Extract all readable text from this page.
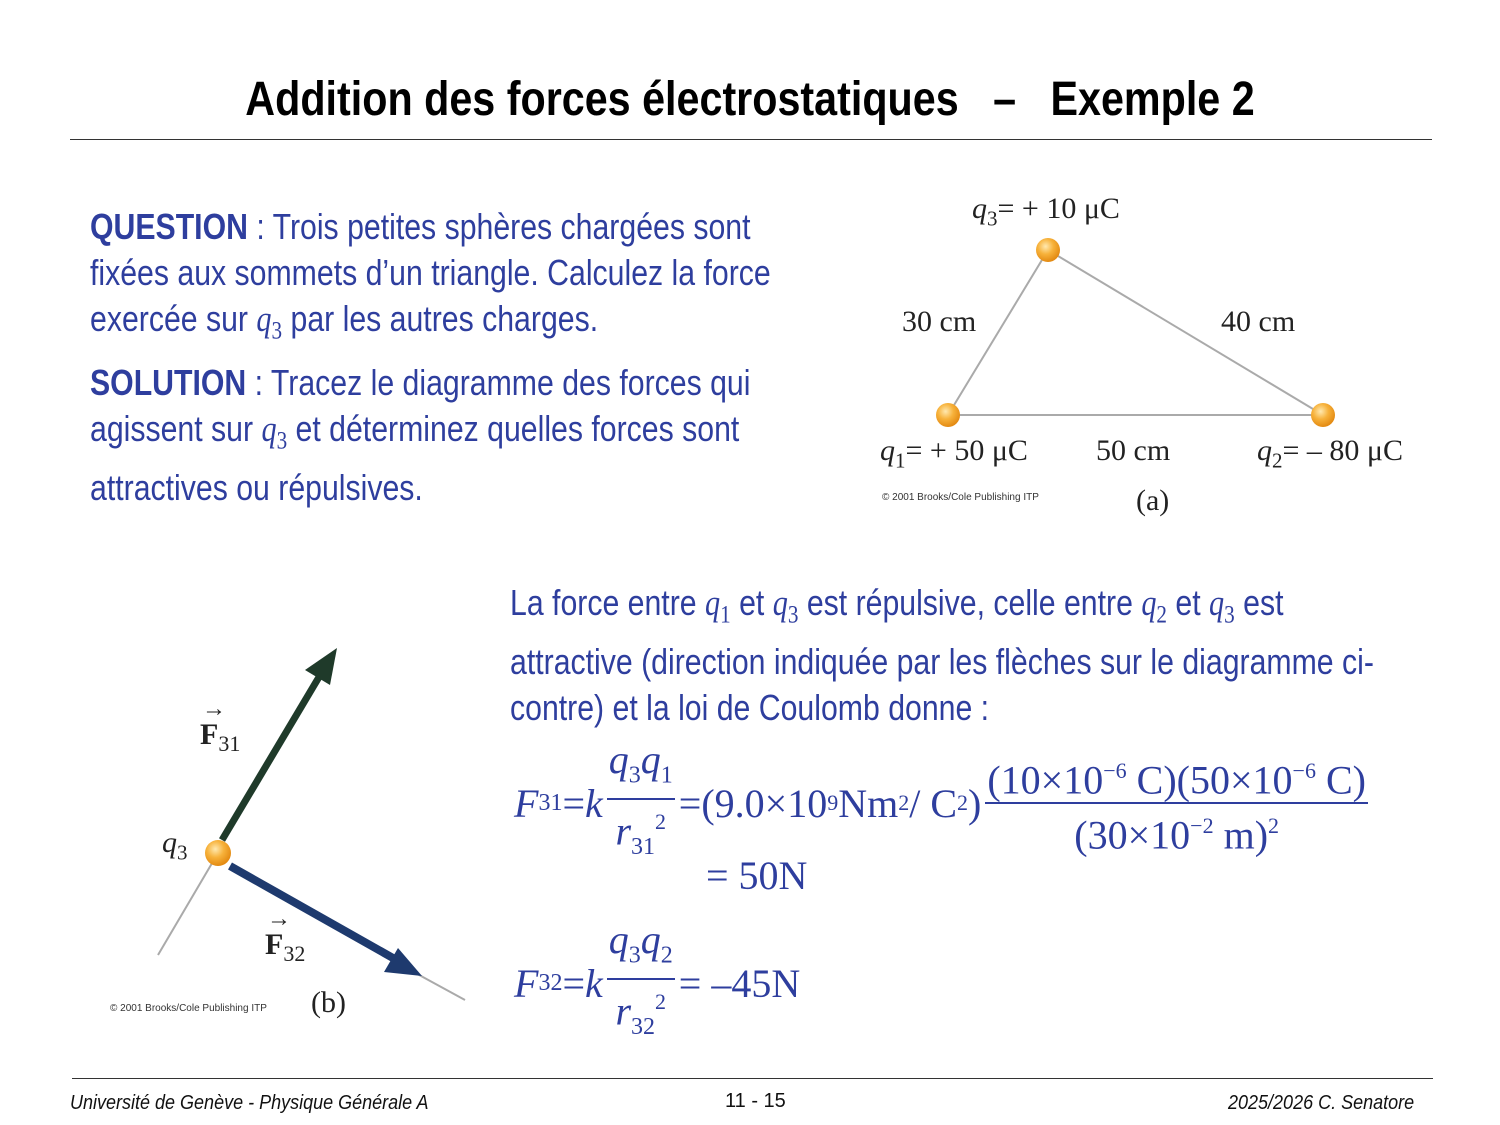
Addition des forces électrostatiques   –   Exemple 2
QUESTION : Trois petites sphères chargées sont
fixées aux sommets d’un triangle. Calculez la force
exercée sur $q_3$ par les autres charges.
SOLUTION : Tracez le diagramme des forces qui
agissent sur $q_3$ et déterminez quelles forces sont
attractives ou répulsives.
$q_3= + 10$ μC
30 cm	40 cm
$q_1= + 50$ μC 50 cm	$q_2= - 80$ μC
© 2001 Brooks/Cole Publishing ITP	(a)
→
$F_{31}$
$q_3$
→
$F_{32}$
© 2001 Brooks/Cole Publishing ITP (b)
La force entre $q_1$ et $q_3$ est répulsive, celle entre $q_2$ et $q_3$ est
attractive (direction indiquée par les flèches sur le diagramme ci-
contre) et la loi de Coulomb donne :
F 31 = k $\frac{q_3q_1}{r_{31}^2} = (9.0\times 10$ 9 Nm 2 / C 2 ) $\frac{(10\times 10^{-6} C)(50\times 10^{-6} C)}{(30\times 10^{-2} m)^2}$
= 50N
F 32 = k $\frac{q_3q_2}{r_{32}^2} = -45N$
Université de Genève - Physique Générale A	11 - 15	2025/2026 C. Senatore
